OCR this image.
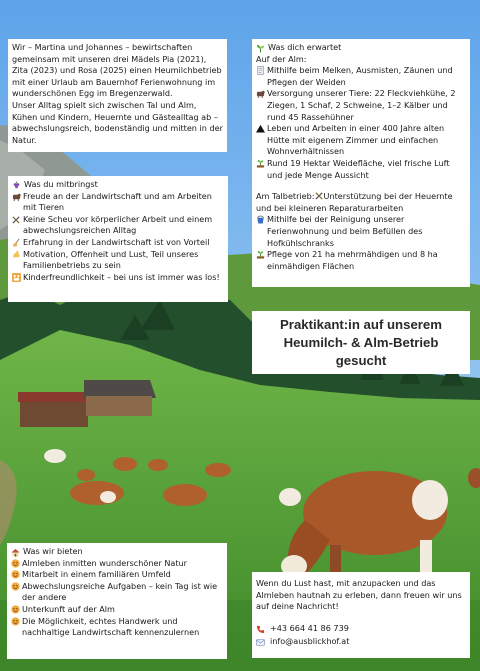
Wir – Martina und Johannes – bewirtschaften gemeinsam mit unseren drei Mädels Pia (2021), Zita (2023) und Rosa (2025) einen Heumilchbetrieb mit einer Urlaub am Bauernhof Ferienwohnung im wunderschönen Egg im Bregenzerwald.
Unser Alltag spielt sich zwischen Tal und Alm, Kühen und Kindern, Heuernte und Gästealltag ab – abwechslungsreich, bodenständig und mitten in der Natur.

Was du mitbringst
Freude an der Landwirtschaft und am Arbeiten mit Tieren
Keine Scheu vor körperlicher Arbeit und einem abwechslungsreichen Alltag
Erfahrung in der Landwirtschaft ist von Vorteil
Motivation, Offenheit und Lust, Teil unseres Familienbetriebs zu sein
Kinderfreundlichkeit – bei uns ist immer was los!
Was dich erwartet

Auf der Alm:

Mithilfe beim Melken, Ausmisten, Zäunen und Pflegen der Weiden
Versorgung unserer Tiere: 22 Fleckviehkühe, 2 Ziegen, 1 Schaf, 2 Schweine, 1–2 Kälber und rund 45 Rassehühner
Leben und Arbeiten in einer 400 Jahre alten Hütte mit eigenem Zimmer und einfachen Wohnverhältnissen
Rund 19 Hektar Weidefläche, viel frische Luft und jede Menge Aussicht
Am Talbetrieb: Unterstützung bei der Heuernte und bei kleineren Reparaturarbeiten
Mithilfe bei der Reinigung unserer Ferienwohnung und beim Befüllen des Hofkühlschranks
Pflege von 21 ha mehrmähdigen und 8 ha einmähdigen Flächen
Praktikant:in auf unserem Heumilch- & Alm-Betrieb gesucht
Was wir bieten
Almleben inmitten wunderschöner Natur
Mitarbeit in einem familiären Umfeld
Abwechslungsreiche Aufgaben – kein Tag ist wie der andere
Unterkunft auf der Alm
Die Möglichkeit, echtes Handwerk und nachhaltige Landwirtschaft kennenzulernen

Wenn du Lust hast, mit anzupacken und das Almleben hautnah zu erleben, dann freuen wir uns auf deine Nachricht!

+43 664 41 86 739
info@ausblickhof.at
